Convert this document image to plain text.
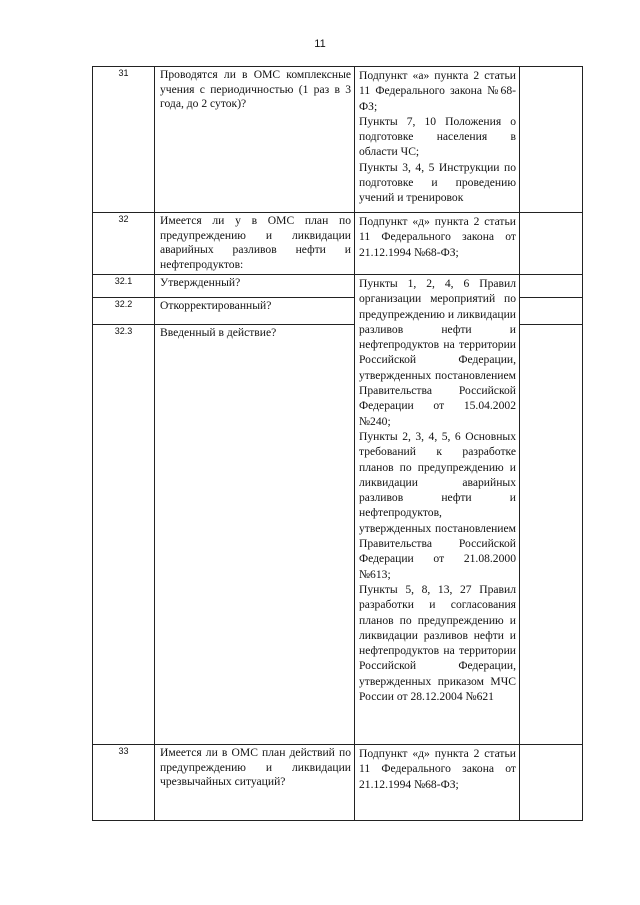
11
31	Проводятся ли в ОМС комплексные учения с периодичностью (1 раз в 3 года, до 2 суток)?	Подпункт «а» пункта 2 статьи 11 Федерального закона №68-ФЗ;
Пункты 7, 10 Положения о подготовке населения в области ЧС;
Пункты 3, 4, 5 Инструкции по подготовке и проведению учений и тренировок	

32	Имеется ли у в ОМС план по предупреждению и ликвидации аварийных разливов нефти и нефтепродуктов:	Подпункт «д» пункта 2 статьи 11 Федерального закона от 21.12.1994 №68-ФЗ;	

32.1	Утвержденный?	Пункты 1, 2, 4, 6 Правил организации мероприятий по предупреждению и ликвидации разливов нефти и нефтепродуктов на территории Российской Федерации, утвержденных постановлением Правительства Российской Федерации от 15.04.2002 №240;
Пункты 2, 3, 4, 5, 6 Основных требований к разработке планов по предупреждению и ликвидации аварийных разливов нефти и нефтепродуктов, утвержденных постановлением Правительства Российской Федерации от 21.08.2000 №613;
Пункты 5, 8, 13, 27 Правил разработки и согласования планов по предупреждению и ликвидации разливов нефти и нефтепродуктов на территории Российской Федерации, утвержденных приказом МЧС России от 28.12.2004 №621	

32.2	Откорректированный?		

32.3	Введенный в действие?		

33	Имеется ли в ОМС план действий по предупреждению и ликвидации чрезвычайных ситуаций?	Подпункт «д» пункта 2 статьи 11 Федерального закона от 21.12.1994 №68-ФЗ;	
